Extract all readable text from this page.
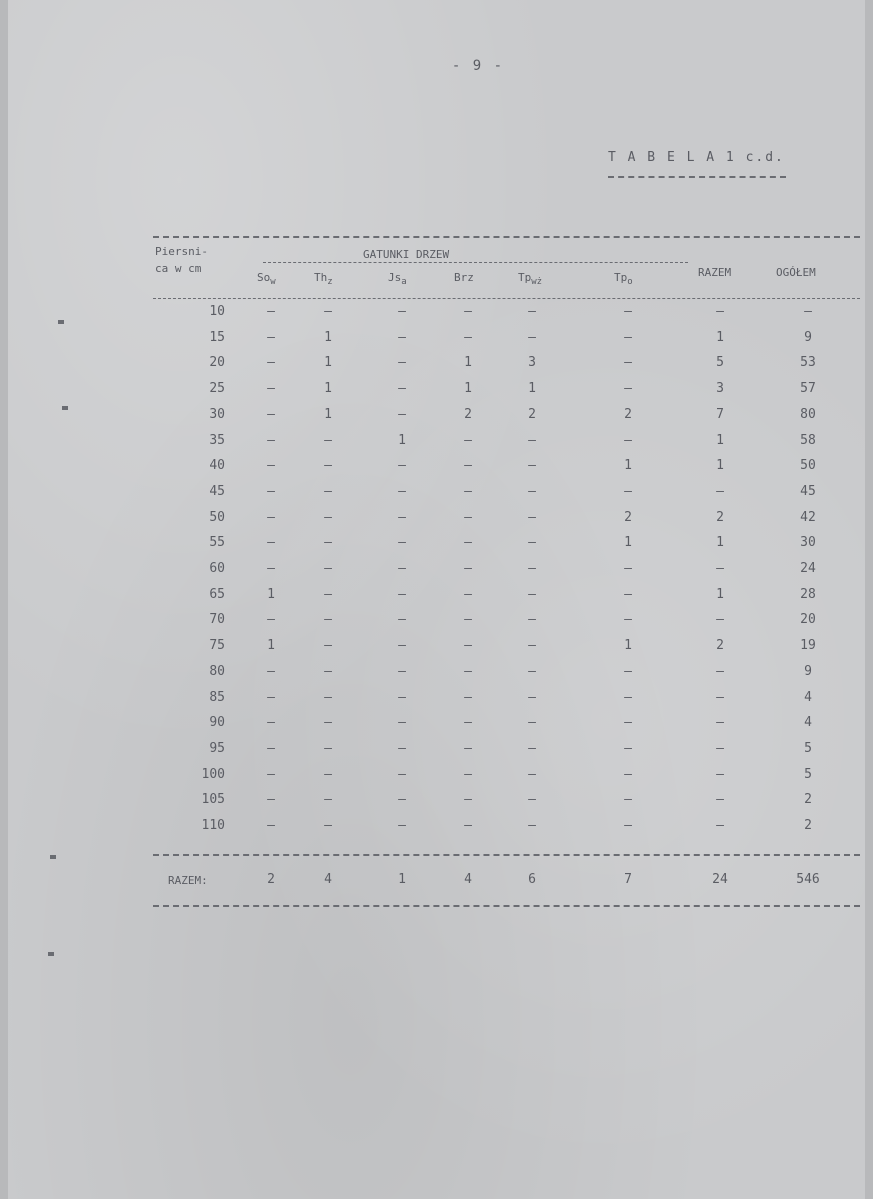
- 9 -
T A B E L A 1 c.d.
Piersni-
ca w cm
GATUNKI DRZEW
RAZEM	OGÓŁEM
$So_w$	$Th_z$	$Js_a$	Brz	$Tp_{wż}$	$Tp_o$
10	–	–	–	–	–	–	–	–
15	–	1	–	–	–	–	1	9
20	–	1	–	1	3	–	5	53
25	–	1	–	1	1	–	3	57
30	–	1	–	2	2	2	7	80
35	–	–	1	–	–	–	1	58
40	–	–	–	–	–	1	1	50
45	–	–	–	–	–	–	–	45
50	–	–	–	–	–	2	2	42
55	–	–	–	–	–	1	1	30
60	–	–	–	–	–	–	–	24
65	1	–	–	–	–	–	1	28
70	–	–	–	–	–	–	–	20
75	1	–	–	–	–	1	2	19
80	–	–	–	–	–	–	–	9
85	–	–	–	–	–	–	–	4
90	–	–	–	–	–	–	–	4
95	–	–	–	–	–	–	–	5
100	–	–	–	–	–	–	–	5
105	–	–	–	–	–	–	–	2
110	–	–	–	–	–	–	–	2
RAZEM:	2	4	1	4	6	7	24	546
